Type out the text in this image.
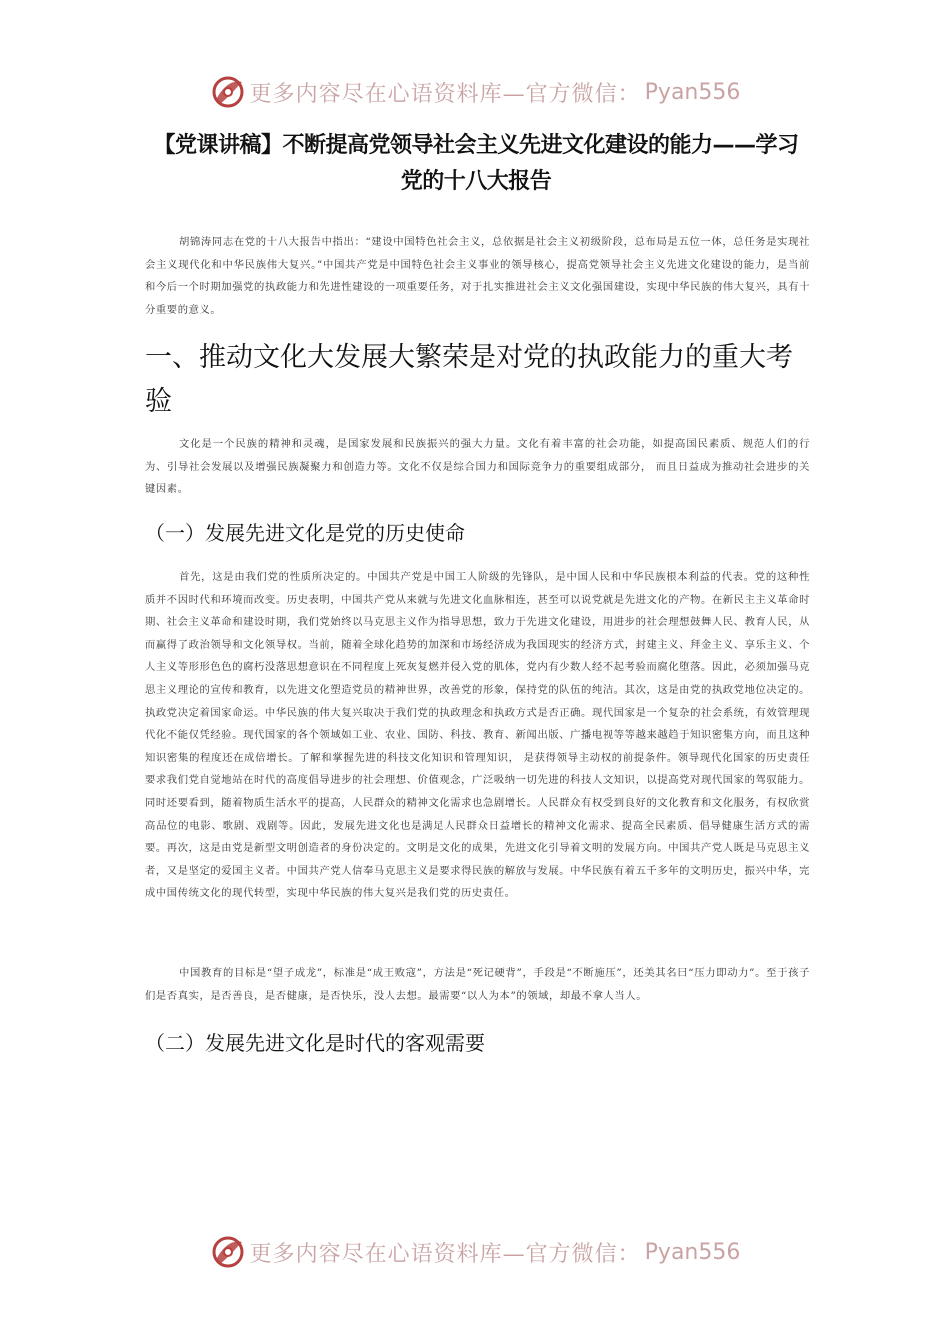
更多内容尽在心语资料库—官方微信： Pyan556
【党课讲稿】不断提高党领导社会主义先进文化建设的能力——学习党的十八大报告
胡锦涛同志在党的十八大报告中指出：“建设中国特色社会主义，总依据是社会主义初级阶段，总布局是五位一体，总任务是实现社会主义现代化和中华民族伟大复兴。”中国共产党是中国特色社会主义事业的领导核心，提高党领导社会主义先进文化建设的能力，是当前和今后一个时期加强党的执政能力和先进性建设的一项重要任务，对于扎实推进社会主义文化强国建设，实现中华民族的伟大复兴，具有十分重要的意义。
一、推动文化大发展大繁荣是对党的执政能力的重大考验
文化是一个民族的精神和灵魂，是国家发展和民族振兴的强大力量。文化有着丰富的社会功能，如提高国民素质、规范人们的行为、引导社会发展以及增强民族凝聚力和创造力等。文化不仅是综合国力和国际竞争力的重要组成部分， 而且日益成为推动社会进步的关键因素。
（一）发展先进文化是党的历史使命
首先，这是由我们党的性质所决定的。中国共产党是中国工人阶级的先锋队，是中国人民和中华民族根本利益的代表。党的这种性质并不因时代和环境而改变。历史表明，中国共产党从来就与先进文化血脉相连，甚至可以说党就是先进文化的产物。在新民主主义革命时期、社会主义革命和建设时期，我们党始终以马克思主义作为指导思想，致力于先进文化建设，用进步的社会理想鼓舞人民、教育人民，从而赢得了政治领导和文化领导权。当前，随着全球化趋势的加深和市场经济成为我国现实的经济方式，封建主义、拜金主义、享乐主义、个人主义等形形色色的腐朽没落思想意识在不同程度上死灰复燃并侵入党的肌体，党内有少数人经不起考验而腐化堕落。因此，必须加强马克思主义理论的宣传和教育，以先进文化塑造党员的精神世界，改善党的形象，保持党的队伍的纯洁。其次，这是由党的执政党地位决定的。执政党决定着国家命运。中华民族的伟大复兴取决于我们党的执政理念和执政方式是否正确。现代国家是一个复杂的社会系统，有效管理现代化不能仅凭经验。现代国家的各个领域如工业、农业、国防、科技、教育、新闻出版、广播电视等等越来越趋于知识密集方向，而且这种知识密集的程度还在成倍增长。了解和掌握先进的科技文化知识和管理知识， 是获得领导主动权的前提条件。领导现代化国家的历史责任要求我们党自觉地站在时代的高度倡导进步的社会理想、价值观念，广泛吸纳一切先进的科技人文知识，以提高党对现代国家的驾驭能力。同时还要看到，随着物质生活水平的提高，人民群众的精神文化需求也急剧增长。人民群众有权受到良好的文化教育和文化服务，有权欣赏高品位的电影、歌剧、戏剧等。因此，发展先进文化也是满足人民群众日益增长的精神文化需求、提高全民素质、倡导健康生活方式的需要。再次，这是由党是新型文明创造者的身份决定的。文明是文化的成果，先进文化引导着文明的发展方向。中国共产党人既是马克思主义者，又是坚定的爱国主义者。中国共产党人信奉马克思主义是要求得民族的解放与发展。中华民族有着五千多年的文明历史，振兴中华，完成中国传统文化的现代转型，实现中华民族的伟大复兴是我们党的历史责任。
中国教育的目标是“望子成龙”，标准是“成王败寇”，方法是“死记硬背”，手段是“不断施压”，还美其名曰“压力即动力”。至于孩子们是否真实，是否善良，是否健康，是否快乐，没人去想。最需要“以人为本”的领域，却最不拿人当人。
（二）发展先进文化是时代的客观需要
更多内容尽在心语资料库—官方微信： Pyan556
